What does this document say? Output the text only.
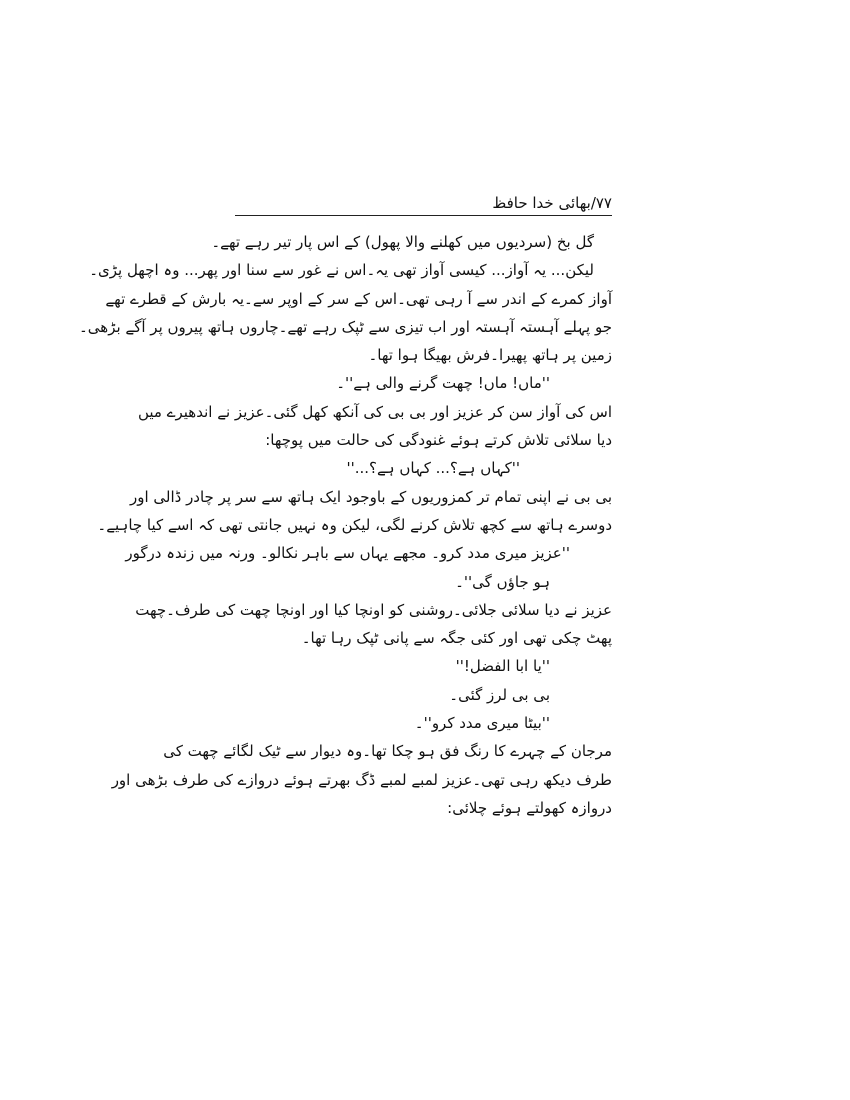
۷۷/بھائی خدا حافظ
گل بخ (سردیوں میں کھلنے والا پھول) کے اس پار تیر رہے تھے۔
لیکن... یہ آواز... کیسی آواز تھی یہ۔اس نے غور سے سنا اور پھر... وہ اچھل پڑی۔
آواز کمرے کے اندر سے آ رہی تھی۔اس کے سر کے اوپر سے۔یہ بارش کے قطرے تھے
جو پہلے آہستہ آہستہ اور اب تیزی سے ٹپک رہے تھے۔چاروں ہاتھ پیروں پر آگے بڑھی۔
زمین پر ہاتھ پھیرا۔فرش بھیگا ہوا تھا۔
''ماں! ماں! چھت گرنے والی ہے''۔
اس کی آواز سن کر عزیز اور بی بی کی آنکھ کھل گئی۔عزیز نے اندھیرے میں
دیا سلائی تلاش کرتے ہوئے غنودگی کی حالت میں پوچھا:
''کہاں ہے؟... کہاں ہے؟...''
بی بی نے اپنی تمام تر کمزوریوں کے باوجود ایک ہاتھ سے سر پر چادر ڈالی اور
دوسرے ہاتھ سے کچھ تلاش کرنے لگی، لیکن وہ نہیں جانتی تھی کہ اسے کیا چاہیے۔
''عزیز میری مدد کرو۔ مجھے یہاں سے باہر نکالو۔ ورنہ میں زندہ درگور
ہو جاؤں گی''۔
عزیز نے دیا سلائی جلائی۔روشنی کو اونچا کیا اور اونچا چھت کی طرف۔چھت
پھٹ چکی تھی اور کئی جگہ سے پانی ٹپک رہا تھا۔
''یا ابا الفضل!''
بی بی لرز گئی۔
''بیٹا میری مدد کرو''۔
مرجان کے چہرے کا رنگ فق ہو چکا تھا۔وہ دیوار سے ٹیک لگائے چھت کی
طرف دیکھ رہی تھی۔عزیز لمبے لمبے ڈگ بھرتے ہوئے دروازے کی طرف بڑھی اور
دروازہ کھولتے ہوئے چلائی:
